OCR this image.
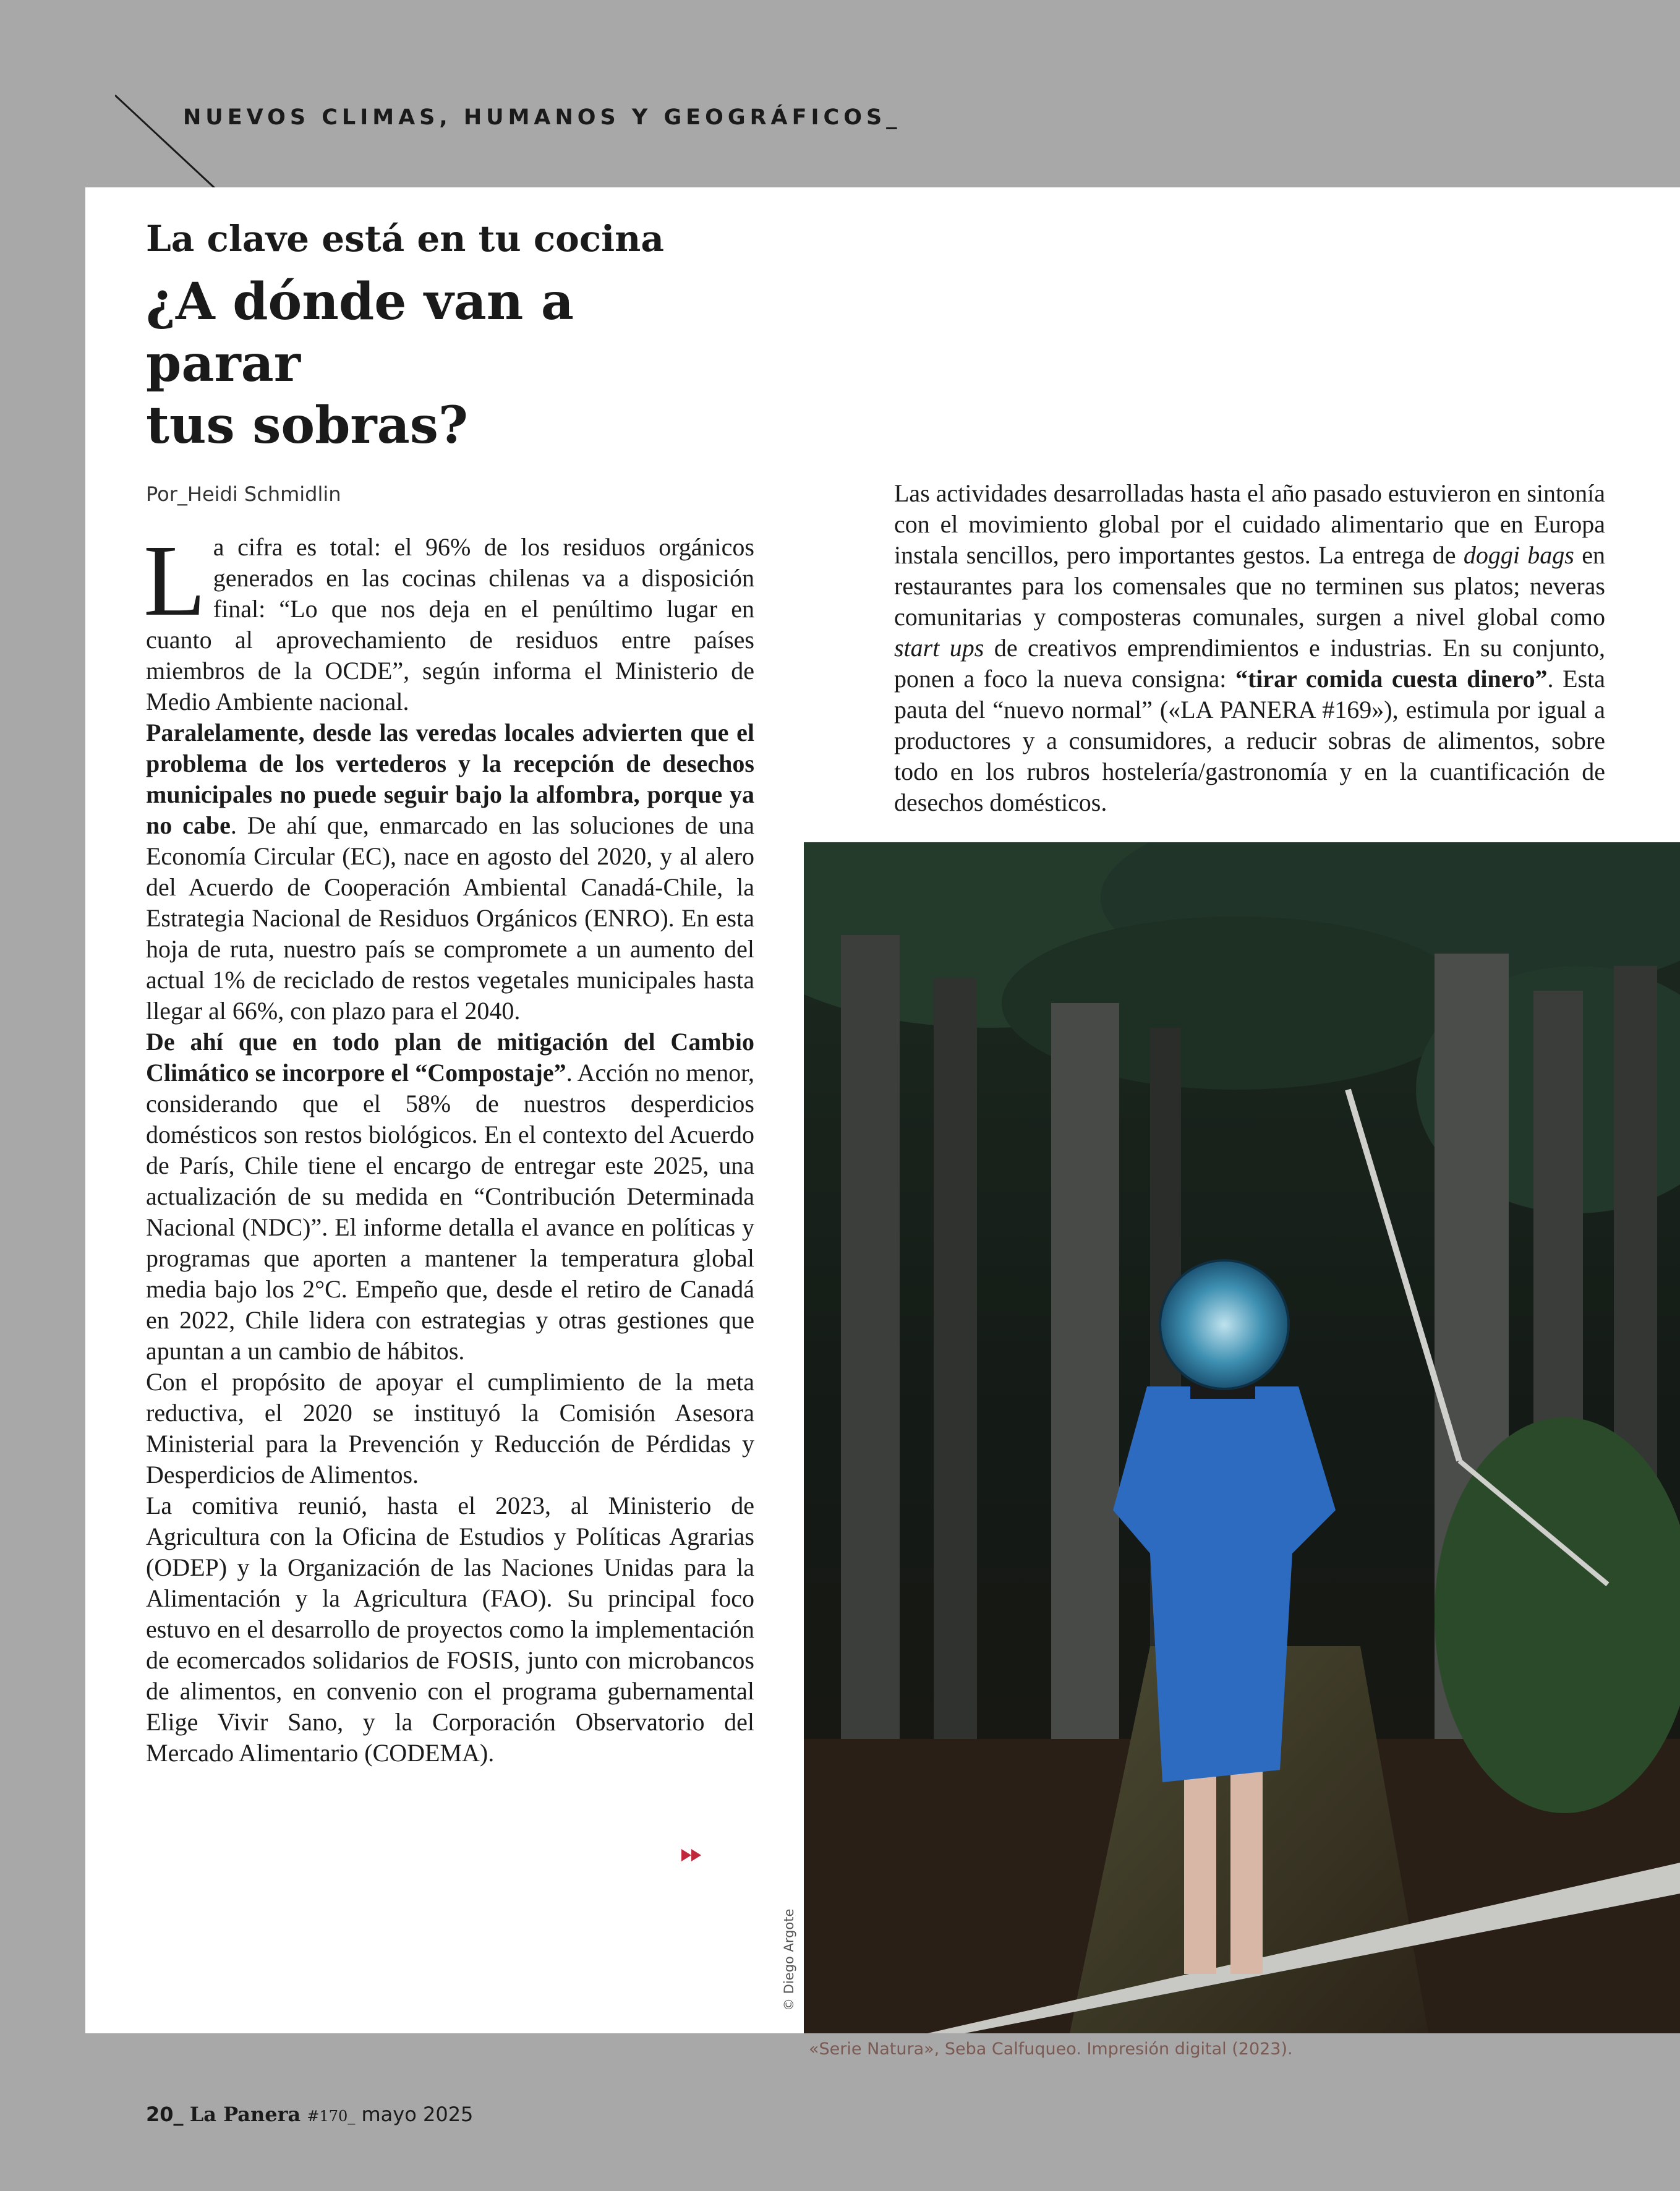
NUEVOS CLIMAS, HUMANOS Y GEOGRÁFICOS_
La clave está en tu cocina
¿A dónde van a parar
tus sobras?
Por_Heidi Schmidlin

La cifra es total: el 96% de los residuos orgánicos generados en las cocinas chilenas va a disposición final: “Lo que nos deja en el penúltimo lugar en cuanto al aprovechamiento de residuos entre países miembros de la OCDE”, según informa el Ministerio de Medio Ambiente nacional.

Paralelamente, desde las veredas locales advierten que el problema de los vertederos y la recepción de desechos municipales no puede seguir bajo la alfombra, porque ya no cabe. De ahí que, enmarcado en las soluciones de una Economía Circular (EC), nace en agosto del 2020, y al alero del Acuerdo de Cooperación Ambiental Canadá-Chile, la Estrategia Nacional de Residuos Orgánicos (ENRO). En esta hoja de ruta, nuestro país se compromete a un aumento del actual 1% de reciclado de restos vegetales municipales hasta llegar al 66%, con plazo para el 2040.

De ahí que en todo plan de mitigación del Cambio Climático se incorpore el “Compostaje”. Acción no menor, considerando que el 58% de nuestros desperdicios domésticos son restos biológicos. En el contexto del Acuerdo de París, Chile tiene el encargo de entregar este 2025, una actualización de su medida en “Contribución Determinada Nacional (NDC)”. El informe detalla el avance en políticas y programas que aporten a mantener la temperatura global media bajo los 2°C. Empeño que, desde el retiro de Canadá en 2022, Chile lidera con estrategias y otras gestiones que apuntan a un cambio de hábitos.

Con el propósito de apoyar el cumplimiento de la meta reductiva, el 2020 se instituyó la Comisión Asesora Ministerial para la Prevención y Reducción de Pérdidas y Desperdicios de Alimentos.

La comitiva reunió, hasta el 2023, al Ministerio de Agricultura con la Oficina de Estudios y Políticas Agrarias (ODEP) y la Organización de las Naciones Unidas para la Alimentación y la Agricultura (FAO). Su principal foco estuvo en el desarrollo de proyectos como la implementación de ecomercados solidarios de FOSIS, junto con microbancos de alimentos, en convenio con el programa gubernamental Elige Vivir Sano, y la Corporación Observatorio del Mercado Alimentario (CODEMA).

Las actividades desarrolladas hasta el año pasado estuvieron en sintonía con el movimiento global por el cuidado alimentario que en Europa instala sencillos, pero importantes gestos. La entrega de doggi bags en restaurantes para los comensales que no terminen sus platos; neveras comunitarias y composteras comunales, surgen a nivel global como start ups de creativos emprendimientos e industrias. En su conjunto, ponen a foco la nueva consigna: “tirar comida cuesta dinero”. Esta pauta del “nuevo normal” («LA PANERA #169»), estimula por igual a productores y a consumidores, a reducir sobras de alimentos, sobre todo en los rubros hostelería/gastronomía y en la cuantificación de desechos domésticos.

© Diego Argote
«Serie Natura», Seba Calfuqueo. Impresión digital (2023).
20_ La Panera #170_ mayo 2025
